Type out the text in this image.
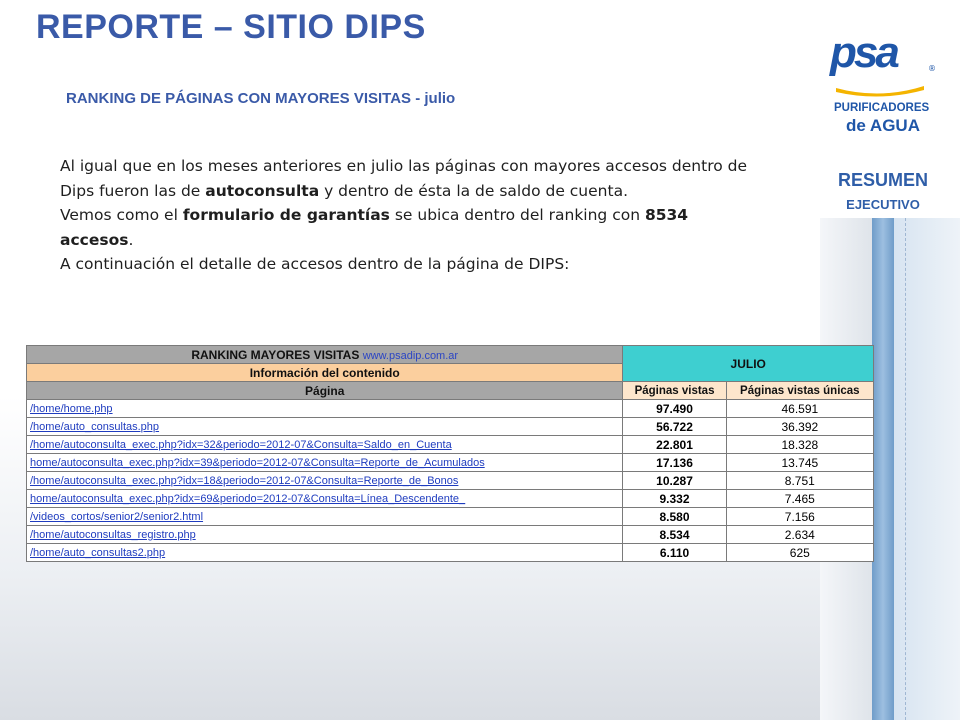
REPORTE – SITIO DIPS
RANKING DE PÁGINAS CON MAYORES VISITAS - julio
psa	®
PURIFICADORES
de AGUA
RESUMEN
EJECUTIVO

Al igual que en los meses anteriores en julio las páginas con mayores accesos dentro de Dips fueron las de autoconsulta y dentro de ésta la de saldo de cuenta.

Vemos como el formulario de garantías se ubica dentro del ranking con 8534 accesos.

A continuación el detalle de accesos dentro de la página de DIPS:

RANKING MAYORES VISITAS www.psadip.com.ar	JULIO	
Información del contenido		
Página	Páginas vistas	Páginas vistas únicas
/home/home.php	97.490	46.591
/home/auto_consultas.php	56.722	36.392
/home/autoconsulta_exec.php?idx=32&periodo=2012-07&Consulta=Saldo_en_Cuenta	22.801	18.328
home/autoconsulta_exec.php?idx=39&periodo=2012-07&Consulta=Reporte_de_Acumulados	17.136	13.745
/home/autoconsulta_exec.php?idx=18&periodo=2012-07&Consulta=Reporte_de_Bonos	10.287	8.751
home/autoconsulta_exec.php?idx=69&periodo=2012-07&Consulta=Línea_Descendente_	9.332	7.465
/videos_cortos/senior2/senior2.html	8.580	7.156
/home/autoconsultas_registro.php	8.534	2.634
/home/auto_consultas2.php	6.110	625
